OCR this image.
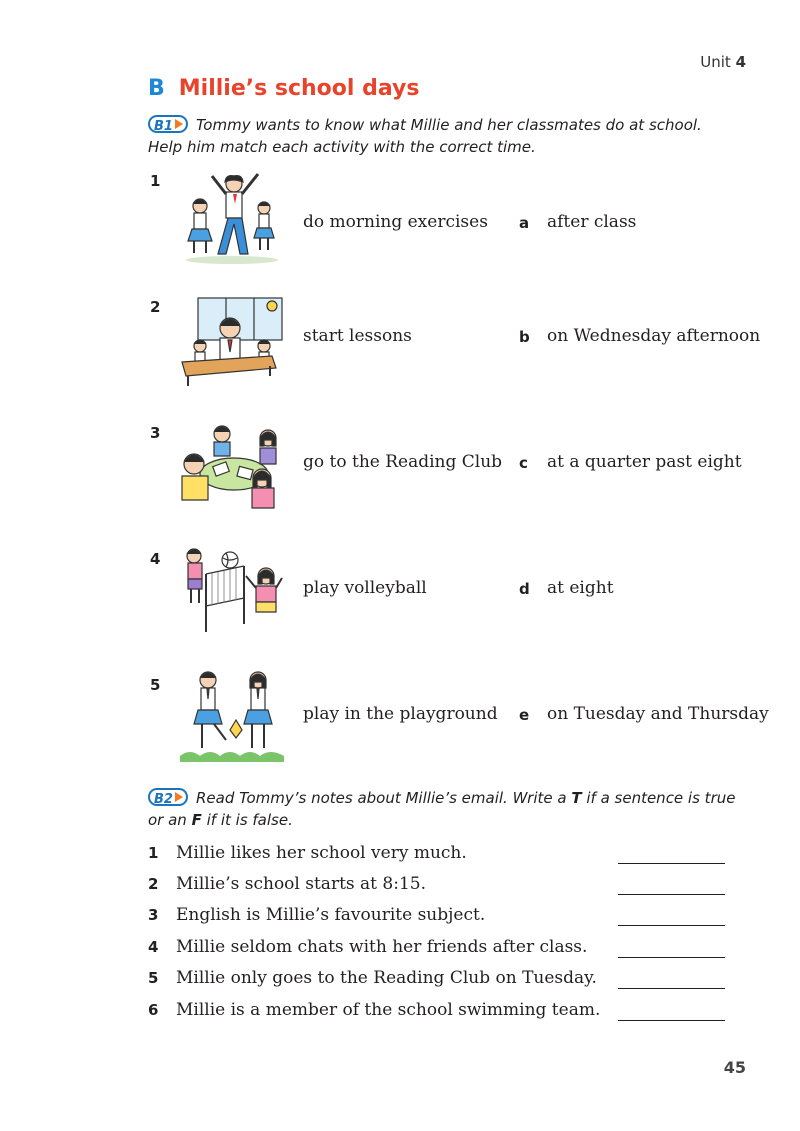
Unit 4
B Millie’s school days
B1 Tommy wants to know what Millie and her classmates do at school. Help him match each activity with the correct time.
1
do morning exercises a after class
2
start lessons	b on Wednesday afternoon
3
go to the Reading Club c at a quarter past eight
4
play volleyball	d at eight
5
play in the playground e on Tuesday and Thursday
B2 Read Tommy’s notes about Millie’s email. Write a T if a sentence is true or an F if it is false.
1 Millie likes her school very much.
2 Millie’s school starts at 8:15.
3 English is Millie’s favourite subject.
4 Millie seldom chats with her friends after class.
5 Millie only goes to the Reading Club on Tuesday.
6 Millie is a member of the school swimming team.
45
